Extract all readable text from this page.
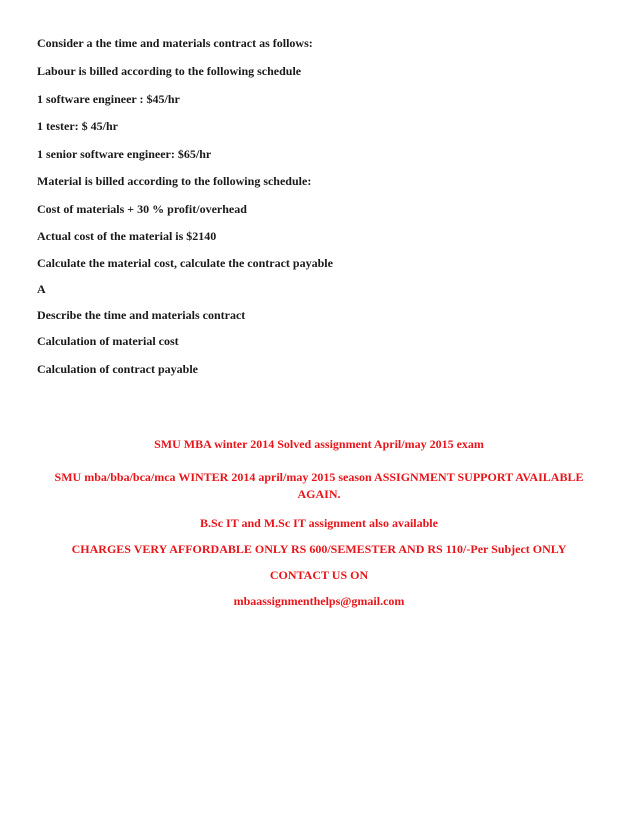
Consider a the time and materials contract as follows:

Labour is billed according to the following schedule

1 software engineer : $45/hr

1 tester: $ 45/hr

1 senior software engineer: $65/hr

Material is billed according to the following schedule:

Cost of materials + 30 % profit/overhead

Actual cost of the material is $2140

Calculate the material cost, calculate the contract payable

A

Describe the time and materials contract

Calculation of material cost

Calculation of contract payable

SMU MBA winter 2014 Solved assignment April/may 2015 exam

SMU mba/bba/bca/mca WINTER 2014 april/may 2015 season ASSIGNMENT SUPPORT AVAILABLE AGAIN.

B.Sc IT and M.Sc IT assignment also available

CHARGES VERY AFFORDABLE ONLY RS 600/SEMESTER AND RS 110/-Per Subject ONLY

CONTACT US ON

mbaassignmenthelps@gmail.com
